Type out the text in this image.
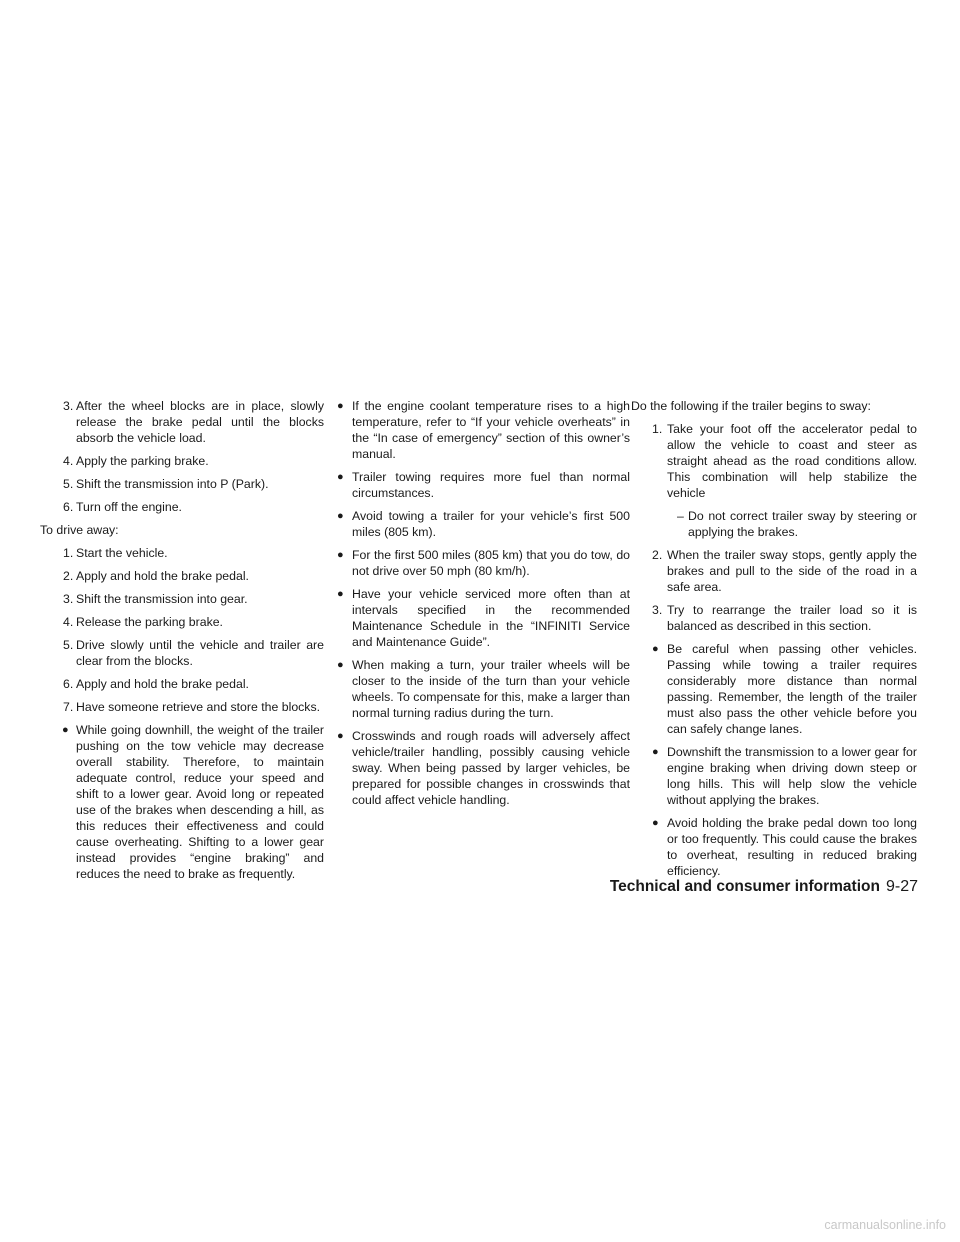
3. After the wheel blocks are in place, slowly release the brake pedal until the blocks absorb the vehicle load.
4. Apply the parking brake.
5. Shift the transmission into P (Park).
6. Turn off the engine.
To drive away:
1. Start the vehicle.
2. Apply and hold the brake pedal.
3. Shift the transmission into gear.
4. Release the parking brake.
5. Drive slowly until the vehicle and trailer are clear from the blocks.
6. Apply and hold the brake pedal.
7. Have someone retrieve and store the blocks.
● While going downhill, the weight of the trailer pushing on the tow vehicle may decrease overall stability. Therefore, to maintain adequate control, reduce your speed and shift to a lower gear. Avoid long or repeated use of the brakes when descending a hill, as this reduces their effectiveness and could cause overheating. Shifting to a lower gear instead provides “engine braking” and reduces the need to brake as frequently.
● If the engine coolant temperature rises to a high temperature, refer to “If your vehicle overheats” in the “In case of emergency” section of this owner’s manual.
● Trailer towing requires more fuel than normal circumstances.
● Avoid towing a trailer for your vehicle’s first 500 miles (805 km).
● For the first 500 miles (805 km) that you do tow, do not drive over 50 mph (80 km/h).
● Have your vehicle serviced more often than at intervals specified in the recommended Maintenance Schedule in the “INFINITI Service and Maintenance Guide”.
● When making a turn, your trailer wheels will be closer to the inside of the turn than your vehicle wheels. To compensate for this, make a larger than normal turning radius during the turn.
● Crosswinds and rough roads will adversely affect vehicle/trailer handling, possibly causing vehicle sway. When being passed by larger vehicles, be prepared for possible changes in crosswinds that could affect vehicle handling.
Do the following if the trailer begins to sway:
1. Take your foot off the accelerator pedal to allow the vehicle to coast and steer as straight ahead as the road conditions allow. This combination will help stabilize the vehicle
– Do not correct trailer sway by steering or applying the brakes.
2. When the trailer sway stops, gently apply the brakes and pull to the side of the road in a safe area.
3. Try to rearrange the trailer load so it is balanced as described in this section.
● Be careful when passing other vehicles. Passing while towing a trailer requires considerably more distance than normal passing. Remember, the length of the trailer must also pass the other vehicle before you can safely change lanes.
● Downshift the transmission to a lower gear for engine braking when driving down steep or long hills. This will help slow the vehicle without applying the brakes.
● Avoid holding the brake pedal down too long or too frequently. This could cause the brakes to overheat, resulting in reduced braking efficiency.
Technical and consumer information 9-27
carmanualsonline.info
